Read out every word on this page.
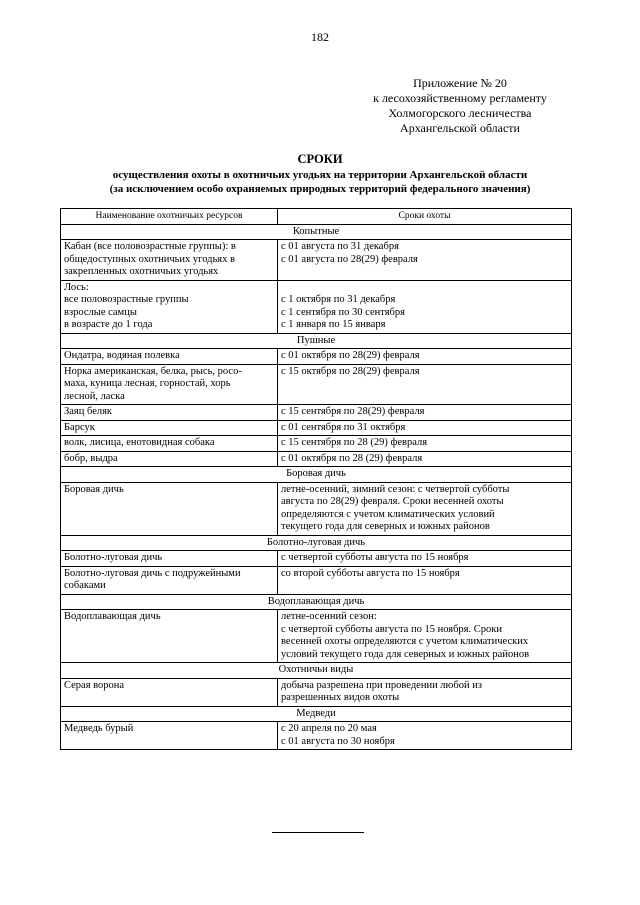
182
Приложение № 20
к лесохозяйственному регламенту
Холмогорского лесничества
Архангельской области
СРОКИ
осуществления охоты в охотничьих угодьях на территории Архангельской области
(за исключением особо охраняемых природных территорий федерального значения)
Наименование охотничьих ресурсов	Сроки охоты
Копытные	

Кабан (все половозрастные группы): в
общедоступных охотничьих угодьях в
закрепленных охотничьих угодьях	с 01 августа по 31 декабря
с 01 августа по 28(29) февраля

Лось:
все половозрастные группы
взрослые самцы
в возрасте до 1 года	с 1 октября по 31 декабря
с 1 сентября по 30 сентября
с 1 января по 15 января

Пушные	

Ондатра, водяная полевка	с 01 октября по 28(29) февраля

Норка американская, белка, рысь, росо-
маха, куница лесная, горностай, хорь
лесной, ласка	с 15 октября по 28(29) февраля

Заяц беляк	с 15 сентября по 28(29) февраля

Барсук	с 01 сентября по 31 октября

волк, лисица, енотовидная собака	с 15 сентября по 28 (29) февраля

бобр, выдра	с 01 октября по 28 (29) февраля

Боровая дичь	

Боровая дичь	летне-осенний, зимний сезон: с четвертой субботы
августа по 28(29) февраля. Сроки весенней охоты
определяются с учетом климатических условий
текущего года для северных и южных районов

Болотно-луговая дичь	

Болотно-луговая дичь	с четвертой субботы августа по 15 ноября

Болотно-луговая дичь с подружейными
собаками	со второй субботы августа по 15 ноября

Водоплавающая дичь	

Водоплавающая дичь	летне-осенний сезон:
с четвертой субботы августа по 15 ноября. Сроки
весенней охоты определяются с учетом климатических
условий текущего года для северных и южных районов

Охотничьи виды	

Серая ворона	добыча разрешена при проведении любой из
разрешенных видов охоты

Медведи	

Медведь бурый	с 20 апреля по 20 мая
с 01 августа по 30 ноября
